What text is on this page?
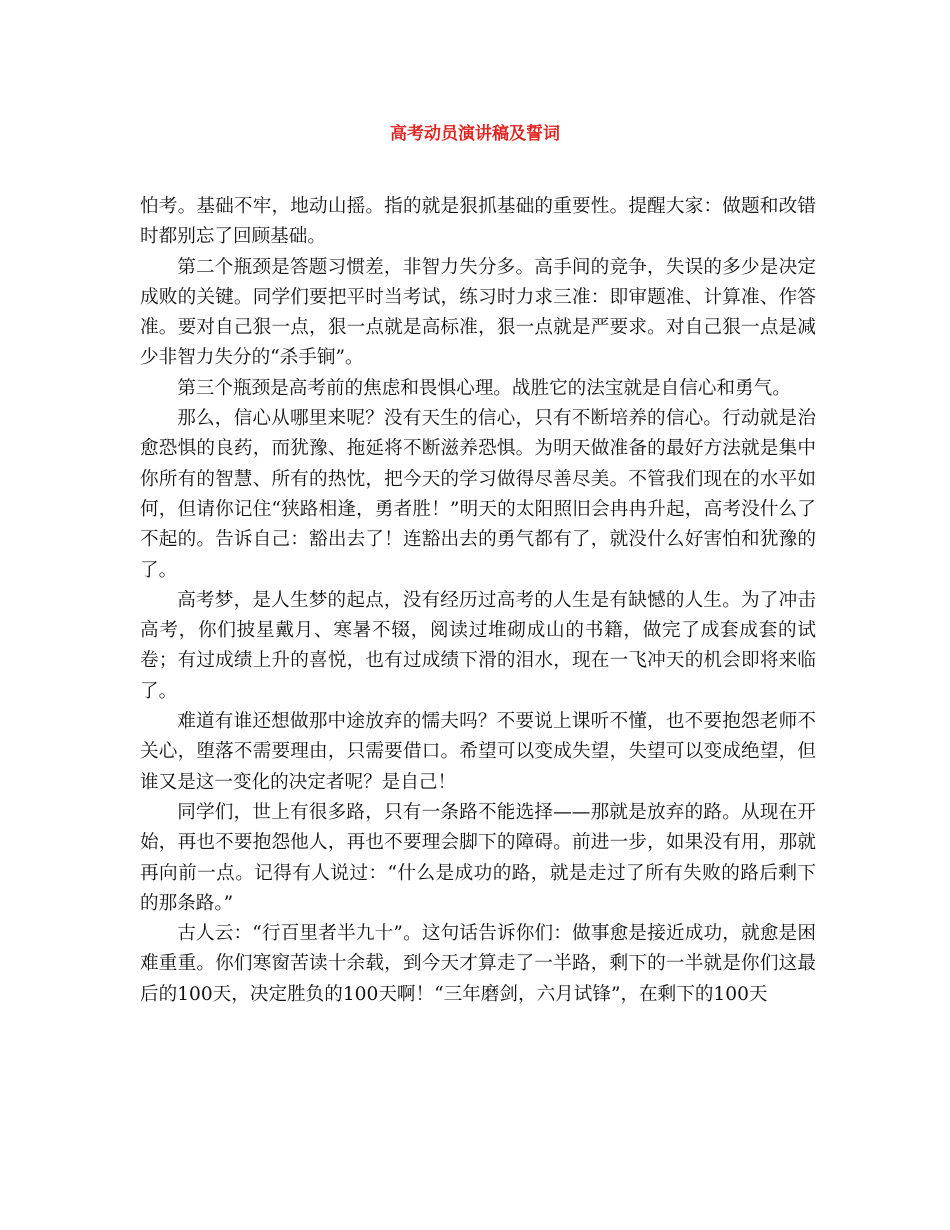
高考动员演讲稿及誓词

怕考。基础不牢，地动山摇。指的就是狠抓基础的重要性。提醒大家：做题和改错时都别忘了回顾基础。

第二个瓶颈是答题习惯差，非智力失分多。高手间的竞争，失误的多少是决定成败的关键。同学们要把平时当考试，练习时力求三准：即审题准、计算准、作答准。要对自己狠一点，狠一点就是高标准，狠一点就是严要求。对自己狠一点是减少非智力失分的“杀手锏”。

第三个瓶颈是高考前的焦虑和畏惧心理。战胜它的法宝就是自信心和勇气。

那么，信心从哪里来呢？没有天生的信心，只有不断培养的信心。行动就是治愈恐惧的良药，而犹豫、拖延将不断滋养恐惧。为明天做准备的最好方法就是集中你所有的智慧、所有的热忱，把今天的学习做得尽善尽美。不管我们现在的水平如何，但请你记住“狭路相逢，勇者胜！”明天的太阳照旧会冉冉升起，高考没什么了不起的。告诉自己：豁出去了！连豁出去的勇气都有了，就没什么好害怕和犹豫的了。

高考梦，是人生梦的起点，没有经历过高考的人生是有缺憾的人生。为了冲击高考，你们披星戴月、寒暑不辍，阅读过堆砌成山的书籍，做完了成套成套的试卷；有过成绩上升的喜悦，也有过成绩下滑的泪水，现在一飞冲天的机会即将来临了。

难道有谁还想做那中途放弃的懦夫吗？不要说上课听不懂，也不要抱怨老师不关心，堕落不需要理由，只需要借口。希望可以变成失望，失望可以变成绝望，但谁又是这一变化的决定者呢？是自己！

同学们，世上有很多路，只有一条路不能选择——那就是放弃的路。从现在开始，再也不要抱怨他人，再也不要理会脚下的障碍。前进一步，如果没有用，那就再向前一点。记得有人说过：“什么是成功的路，就是走过了所有失败的路后剩下的那条路。”

古人云：“行百里者半九十”。这句话告诉你们：做事愈是接近成功，就愈是困难重重。你们寒窗苦读十余载，到今天才算走了一半路，剩下的一半就是你们这最后的100天，决定胜负的100天啊！“三年磨剑，六月试锋”，在剩下的100天
